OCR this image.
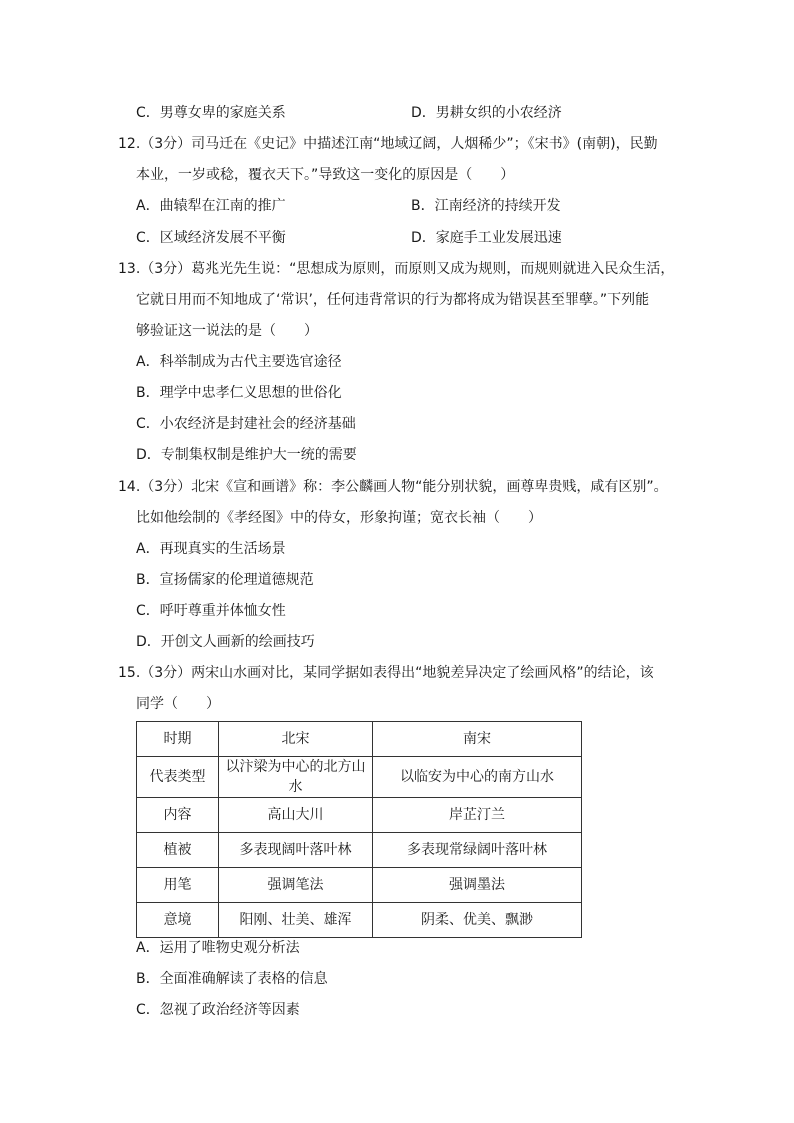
C．男尊女卑的家庭关系	D．男耕女织的小农经济
12.（3分）司马迁在《史记》中描述江南“地域辽阔，人烟稀少”；《宋书》(南朝)，民勤
本业，一岁或稔，覆衣天下。”导致这一变化的原因是（　　）
A．曲辕犁在江南的推广	B．江南经济的持续开发
C．区域经济发展不平衡	D．家庭手工业发展迅速
13.（3分）葛兆光先生说：“思想成为原则，而原则又成为规则，而规则就进入民众生活，
它就日用而不知地成了‘常识’，任何违背常识的行为都将成为错误甚至罪孽。”下列能
够验证这一说法的是（　　）
A．科举制成为古代主要选官途径
B．理学中忠孝仁义思想的世俗化
C．小农经济是封建社会的经济基础
D．专制集权制是维护大一统的需要
14.（3分）北宋《宣和画谱》称：李公麟画人物“能分别状貌，画尊卑贵贱，咸有区别”。
比如他绘制的《孝经图》中的侍女，形象拘谨；宽衣长袖（　　）
A．再现真实的生活场景
B．宣扬儒家的伦理道德规范
C．呼吁尊重并体恤女性
D．开创文人画新的绘画技巧
15.（3分）两宋山水画对比，某同学据如表得出“地貌差异决定了绘画风格”的结论，该
同学（　　）
时期	北宋	南宋
代表类型	以汴梁为中心的北方山水	以临安为中心的南方山水
内容	高山大川	岸芷汀兰
植被	多表现阔叶落叶林	多表现常绿阔叶落叶林
用笔	强调笔法	强调墨法
意境	阳刚、壮美、雄浑	阴柔、优美、飘渺
A．运用了唯物史观分析法
B．全面准确解读了表格的信息
C．忽视了政治经济等因素
